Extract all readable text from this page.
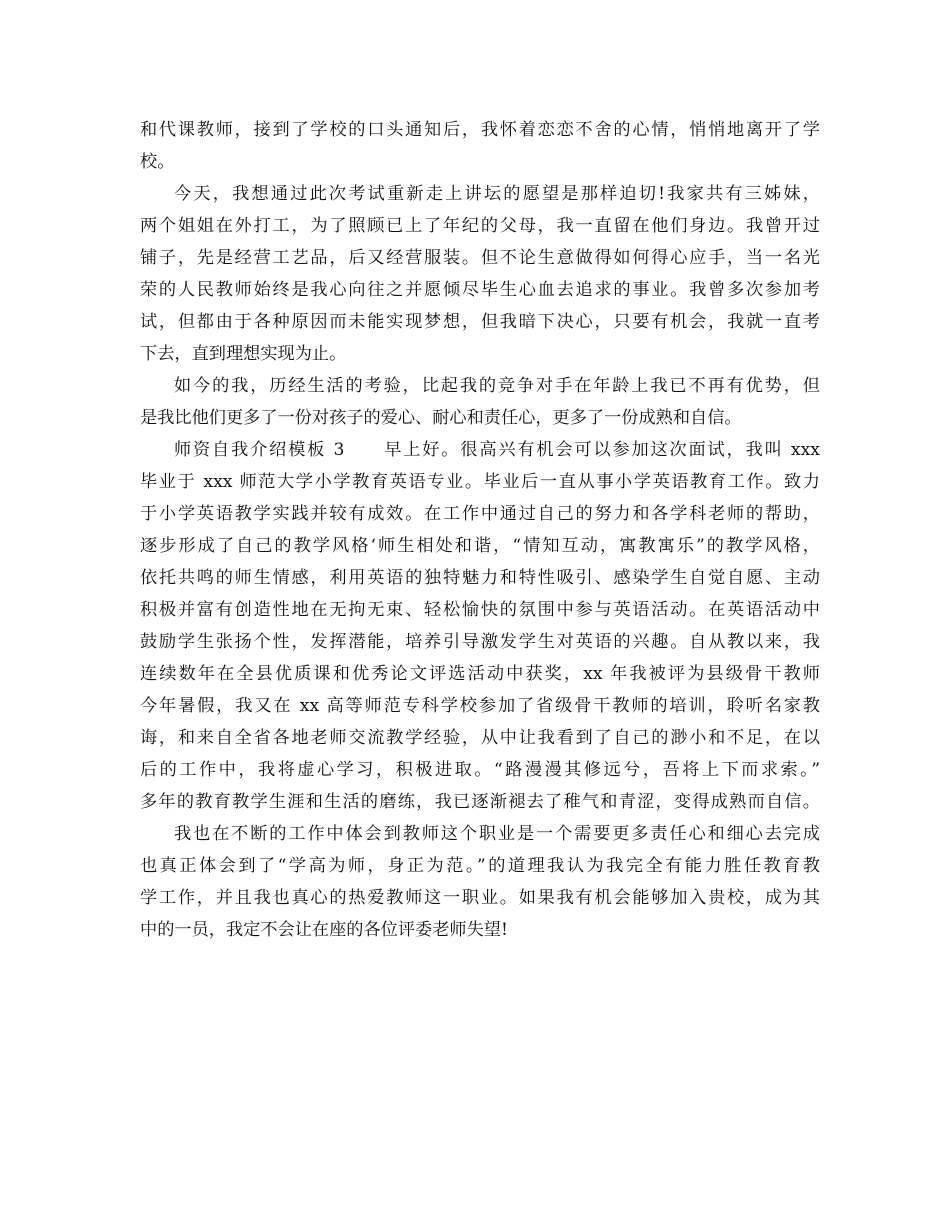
和代课教师，接到了学校的口头通知后，我怀着恋恋不舍的心情，悄悄地离开了学
校。
今天，我想通过此次考试重新走上讲坛的愿望是那样迫切!我家共有三姊妹，
两个姐姐在外打工，为了照顾已上了年纪的父母，我一直留在他们身边。我曾开过
铺子，先是经营工艺品，后又经营服装。但不论生意做得如何得心应手，当一名光
荣的人民教师始终是我心向往之并愿倾尽毕生心血去追求的事业。我曾多次参加考
试，但都由于各种原因而未能实现梦想，但我暗下决心，只要有机会，我就一直考
下去，直到理想实现为止。
如今的我，历经生活的考验，比起我的竞争对手在年龄上我已不再有优势，但
是我比他们更多了一份对孩子的爱心、耐心和责任心，更多了一份成熟和自信。
师资自我介绍模板 3　　早上好。很高兴有机会可以参加这次面试，我叫 xxx
毕业于 xxx 师范大学小学教育英语专业。毕业后一直从事小学英语教育工作。致力
于小学英语教学实践并较有成效。在工作中通过自己的努力和各学科老师的帮助，
逐步形成了自己的教学风格‘师生相处和谐，“情知互动，寓教寓乐”的教学风格，
依托共鸣的师生情感，利用英语的独特魅力和特性吸引、感染学生自觉自愿、主动
积极并富有创造性地在无拘无束、轻松愉快的氛围中参与英语活动。在英语活动中
鼓励学生张扬个性，发挥潜能，培养引导激发学生对英语的兴趣。自从教以来，我
连续数年在全县优质课和优秀论文评选活动中获奖，xx 年我被评为县级骨干教师
今年暑假，我又在 xx 高等师范专科学校参加了省级骨干教师的培训，聆听名家教
诲，和来自全省各地老师交流教学经验，从中让我看到了自己的渺小和不足，在以
后的工作中，我将虚心学习，积极进取。“路漫漫其修远兮，吾将上下而求索。”
多年的教育教学生涯和生活的磨练，我已逐渐褪去了稚气和青涩，变得成熟而自信。
我也在不断的工作中体会到教师这个职业是一个需要更多责任心和细心去完成
也真正体会到了“学高为师，身正为范。”的道理我认为我完全有能力胜任教育教
学工作，并且我也真心的热爱教师这一职业。如果我有机会能够加入贵校，成为其
中的一员，我定不会让在座的各位评委老师失望!
